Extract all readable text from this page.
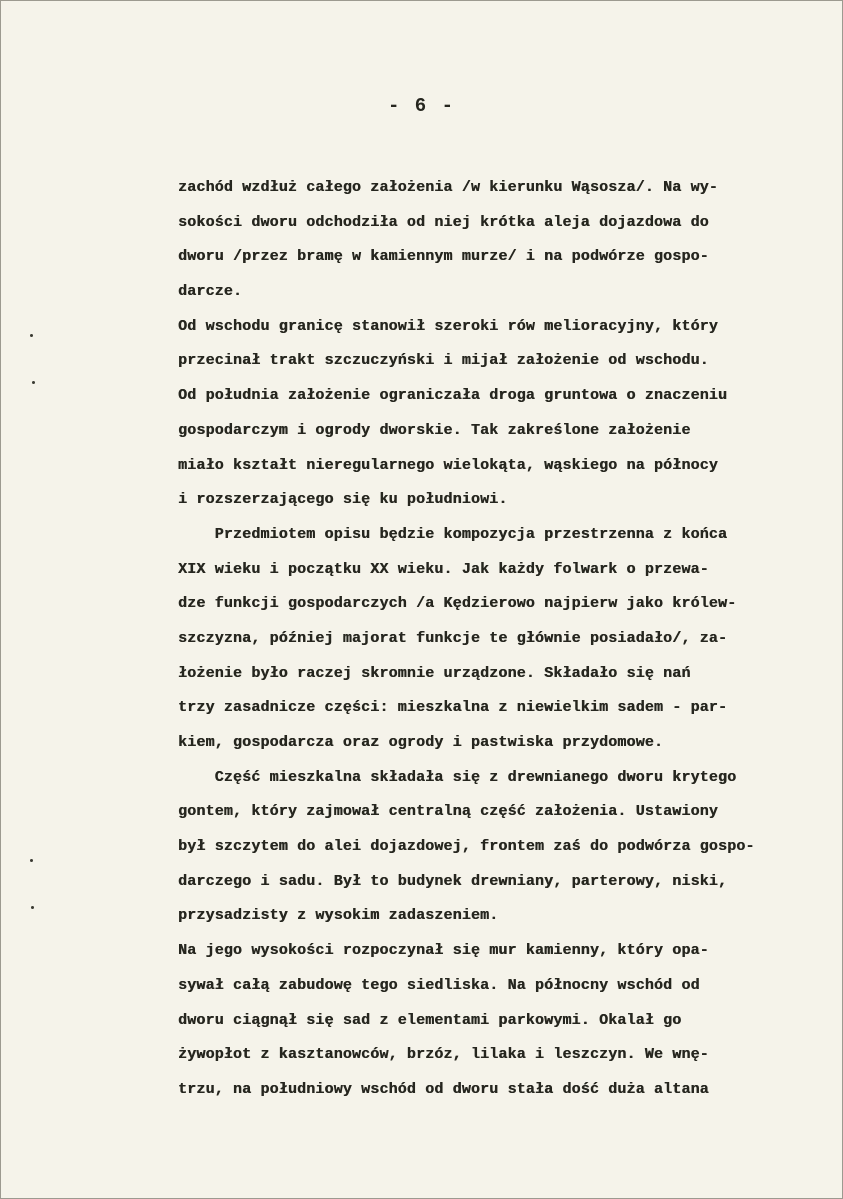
- 6 -
zachód wzdłuż całego założenia /w kierunku Wąsosza/. Na wy-
sokości dworu odchodziła od niej krótka aleja dojazdowa do
dworu /przez bramę w kamiennym murze/ i na podwórze gospo-
darcze.
Od wschodu granicę stanowił szeroki rów melioracyjny, który
przecinał trakt szczuczyński i mijał założenie od wschodu.
Od południa założenie ograniczała droga gruntowa o znaczeniu
gospodarczym i ogrody dworskie. Tak zakreślone założenie
miało kształt nieregularnego wielokąta, wąskiego na północy
i rozszerzającego się ku południowi.
Przedmiotem opisu będzie kompozycja przestrzenna z końca
XIX wieku i początku XX wieku. Jak każdy folwark o przewa-
dze funkcji gospodarczych /a Kędzierowo najpierw jako królew-
szczyzna, później majorat funkcje te głównie posiadało/, za-
łożenie było raczej skromnie urządzone. Składało się nań
trzy zasadnicze części: mieszkalna z niewielkim sadem - par-
kiem, gospodarcza oraz ogrody i pastwiska przydomowe.
Część mieszkalna składała się z drewnianego dworu krytego
gontem, który zajmował centralną część założenia. Ustawiony
był szczytem do alei dojazdowej, frontem zaś do podwórza gospo-
darczego i sadu. Był to budynek drewniany, parterowy, niski,
przysadzisty z wysokim zadaszeniem.
Na jego wysokości rozpoczynał się mur kamienny, który opa-
sywał całą zabudowę tego siedliska. Na północny wschód od
dworu ciągnął się sad z elementami parkowymi. Okalał go
żywopłot z kasztanowców, brzóz, lilaka i leszczyn. We wnę-
trzu, na południowy wschód od dworu stała dość duża altana
